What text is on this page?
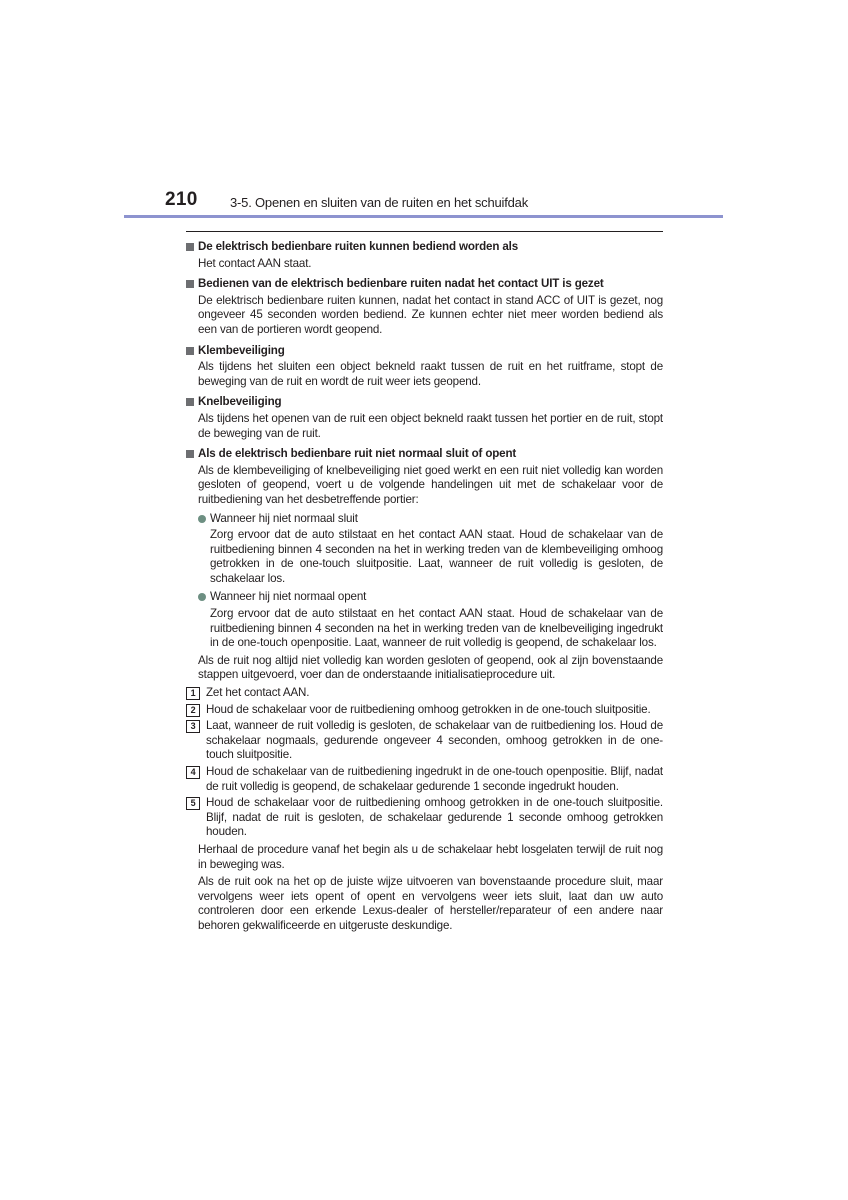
210 3-5. Openen en sluiten van de ruiten en het schuifdak
De elektrisch bedienbare ruiten kunnen bediend worden als

Het contact AAN staat.

Bedienen van de elektrisch bedienbare ruiten nadat het contact UIT is gezet

De elektrisch bedienbare ruiten kunnen, nadat het contact in stand ACC of UIT is gezet, nog ongeveer 45 seconden worden bediend. Ze kunnen echter niet meer worden bediend als een van de portieren wordt geopend.

Klembeveiliging

Als tijdens het sluiten een object bekneld raakt tussen de ruit en het ruitframe, stopt de beweging van de ruit en wordt de ruit weer iets geopend.

Knelbeveiliging

Als tijdens het openen van de ruit een object bekneld raakt tussen het portier en de ruit, stopt de beweging van de ruit.

Als de elektrisch bedienbare ruit niet normaal sluit of opent

Als de klembeveiliging of knelbeveiliging niet goed werkt en een ruit niet volledig kan worden gesloten of geopend, voert u de volgende handelingen uit met de schakelaar voor de ruitbediening van het desbetreffende portier:

Wanneer hij niet normaal sluit
Zorg ervoor dat de auto stilstaat en het contact AAN staat. Houd de schakelaar van de ruitbediening binnen 4 seconden na het in werking treden van de klembeveiliging omhoog getrokken in de one-touch sluitpositie. Laat, wanneer de ruit volledig is gesloten, de schakelaar los.
Wanneer hij niet normaal opent
Zorg ervoor dat de auto stilstaat en het contact AAN staat. Houd de schakelaar van de ruitbediening binnen 4 seconden na het in werking treden van de knelbeveiliging ingedrukt in de one-touch openpositie. Laat, wanneer de ruit volledig is geopend, de schakelaar los.

Als de ruit nog altijd niet volledig kan worden gesloten of geopend, ook al zijn bovenstaande stappen uitgevoerd, voer dan de onderstaande initialisatieprocedure uit.

1 Zet het contact AAN.
2 Houd de schakelaar voor de ruitbediening omhoog getrokken in de one-touch sluitpositie.
3 Laat, wanneer de ruit volledig is gesloten, de schakelaar van de ruitbediening los. Houd de schakelaar nogmaals, gedurende ongeveer 4 seconden, omhoog getrokken in de one-touch sluitpositie.
4 Houd de schakelaar van de ruitbediening ingedrukt in de one-touch openpositie. Blijf, nadat de ruit volledig is geopend, de schakelaar gedurende 1 seconde ingedrukt houden.
5 Houd de schakelaar voor de ruitbediening omhoog getrokken in de one-touch sluitpositie. Blijf, nadat de ruit is gesloten, de schakelaar gedurende 1 seconde omhoog getrokken houden.

Herhaal de procedure vanaf het begin als u de schakelaar hebt losgelaten terwijl de ruit nog in beweging was.

Als de ruit ook na het op de juiste wijze uitvoeren van bovenstaande procedure sluit, maar vervolgens weer iets opent of opent en vervolgens weer iets sluit, laat dan uw auto controleren door een erkende Lexus-dealer of hersteller/reparateur of een andere naar behoren gekwalificeerde en uitgeruste deskundige.
